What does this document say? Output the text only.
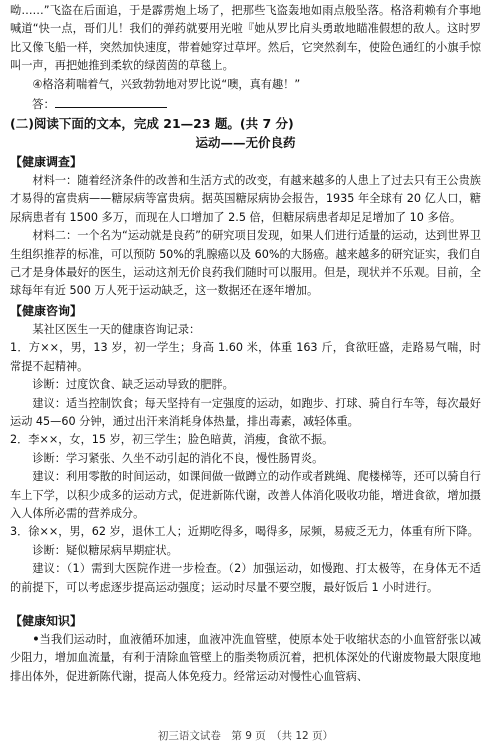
呦……”飞盗在后面追，于是霹雳炮上场了，把那些飞盗轰地如雨点般坠落。格洛莉赖有介事地喊道“快一点，哥们儿！我们的弹药就要用光啦『她从罗比肩头勇敢地瞄准假想的敌人。这时罗比又像飞船一样，突然加快速度，带着她穿过草坪。然后，它突然刹车，使险色通红的小旗手惊叫一声，再把她推到柔软的绿茵茵的草毯上。

④格洛莉喘着气，兴致勃勃地对罗比说“噢，真有趣！”

答：

(二)阅读下面的文本，完成 21—23 题。(共 7 分)

运动——无价良药

【健康调查】

材料一：随着经济条件的改善和生活方式的改变，有越来越多的人患上了过去只有王公贵族才易得的富贵病——糖尿病等富贵病。据英国糖尿病协会报告，1935 年全球有 20 亿人口，糖尿病患者有 1500 多万，而现在人口增加了 2.5 倍，但糖尿病患者却足足增加了 10 多倍。

材料二：一个名为“运动就是良药”的研究项目发现，如果人们进行适量的运动，达到世界卫生组织推荐的标准，可以预防 50%的乳腺癌以及 60%的大肠癌。越来越多的研究证实，我们自己才是身体最好的医生，运动这剂无价良药我们随时可以服用。但是，现状并不乐观。目前，全球每年有近 500 万人死于运动缺乏，这一数据还在逐年增加。

【健康咨询】

某社区医生一天的健康咨询记录：

1．方××，男，13 岁，初一学生；身高 1.60 米，体重 163 斤，食欲旺盛，走路易气喘，时常提不起精神。

诊断：过度饮食、缺乏运动导致的肥胖。

建议：适当控制饮食；每天坚持有一定强度的运动，如跑步、打球、骑自行车等，每次最好运动 45—60 分钟，通过出汗来消耗身体热量，排出毒素，减轻体重。

2．李××，女，15 岁，初三学生；脸色暗黄，消瘦，食欲不振。

诊断：学习紧张、久坐不动引起的消化不良，慢性肠胃炎。

建议：利用零散的时间运动，如课间做一做蹲立的动作或者跳绳、爬楼梯等，还可以骑自行车上下学，以积少成多的运动方式，促进新陈代谢，改善人体消化吸收功能，增进食欲，增加摄入人体所必需的营养成分。

3．徐××，男，62 岁，退休工人；近期吃得多，喝得多，尿频，易疲乏无力，体重有所下降。

诊断：疑似糖尿病早期症状。

建议：（1）需到大医院作进一步检查。（2）加强运动，如慢跑、打太极等，在身体无不适的前提下，可以考虑逐步提高运动强度；运动时尽量不要空腹，最好饭后 1 小时进行。

【健康知识】

•当我们运动时，血液循环加速，血液冲洗血管壁，使原本处于收缩状态的小血管舒张以减少阻力，增加血流量，有利于清除血管壁上的脂类物质沉着，把机体深处的代谢废物最大限度地排出体外，促进新陈代谢，提高人体免疫力。经常运动对慢性心血管病、

初三语文试卷　第 9 页　（共 12 页）
